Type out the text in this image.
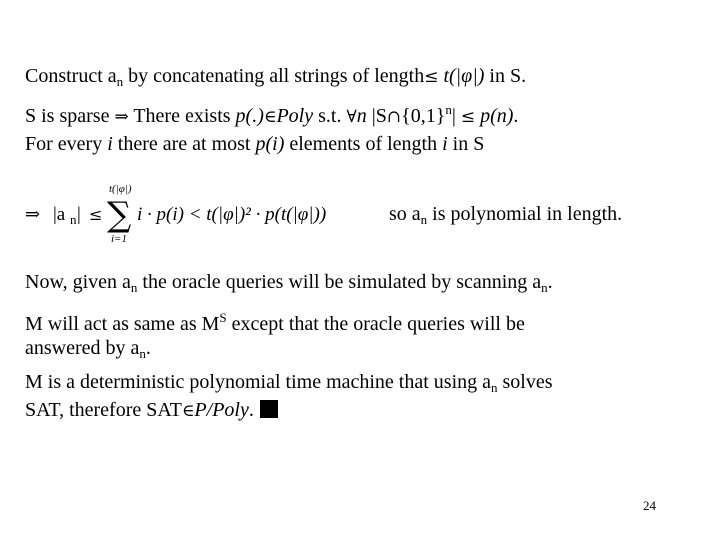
Construct $a_n$ by concatenating all strings of length≤ t(|φ|) in S.
S is sparse ⇒ There exists p(.)∈Poly s.t. ∀n $|S\cap\{0,1\}^n| \le p(n)$.
For every i there are at most p(i) elements of length i in S
⇒ |a n | ≤
t(|φ|)
∑
i=1
i · p(i) < t(|φ|)² · p(t(|φ|))	so $a_n$ is polynomial in length.
Now, given $a_n$ the oracle queries will be simulated by scanning $a_n$.
M will act as same as $M^S$ except that the oracle queries will be
answered by $a_n$.
M is a deterministic polynomial time machine that using $a_n$ solves
SAT, therefore SAT∈P/Poly.
24
